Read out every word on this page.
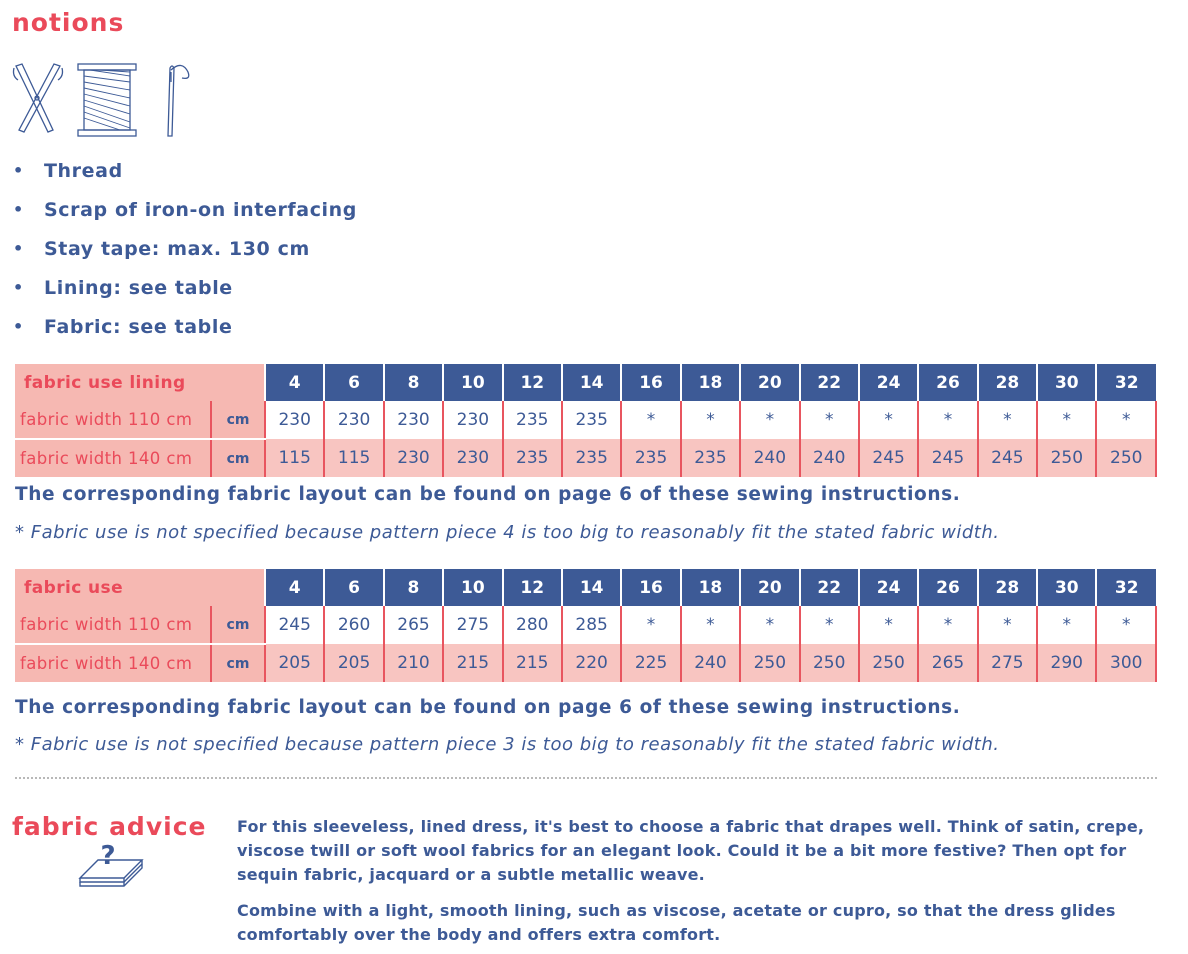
notions
•	Thread
•	Scrap of iron-on interfacing
•	Stay tape: max. 130 cm
•	Lining: see table
•	Fabric: see table
fabric use lining		4	6	8	10	12	14	16	18	20	22	24	26	28	30	32
fabric width 110 cm	cm	230	230	230	230	235	235	*	*	*	*	*	*	*	*	*
fabric width 140 cm	cm	115	115	230	230	235	235	235	235	240	240	245	245	245	250	250
The corresponding fabric layout can be found on page 6 of these sewing instructions.
* Fabric use is not specified because pattern piece 4 is too big to reasonably fit the stated fabric width.
fabric use		4	6	8	10	12	14	16	18	20	22	24	26	28	30	32
fabric width 110 cm	cm	245	260	265	275	280	285	*	*	*	*	*	*	*	*	*
fabric width 140 cm	cm	205	205	210	215	215	220	225	240	250	250	250	265	275	290	300
The corresponding fabric layout can be found on page 6 of these sewing instructions.
* Fabric use is not specified because pattern piece 3 is too big to reasonably fit the stated fabric width.
fabric advice
?

For this sleeveless, lined dress, it's best to choose a fabric that drapes well. Think of satin, crepe, viscose twill or soft wool fabrics for an elegant look. Could it be a bit more festive? Then opt for sequin fabric, jacquard or a subtle metallic weave.

Combine with a light, smooth lining, such as viscose, acetate or cupro, so that the dress glides comfortably over the body and offers extra comfort.
